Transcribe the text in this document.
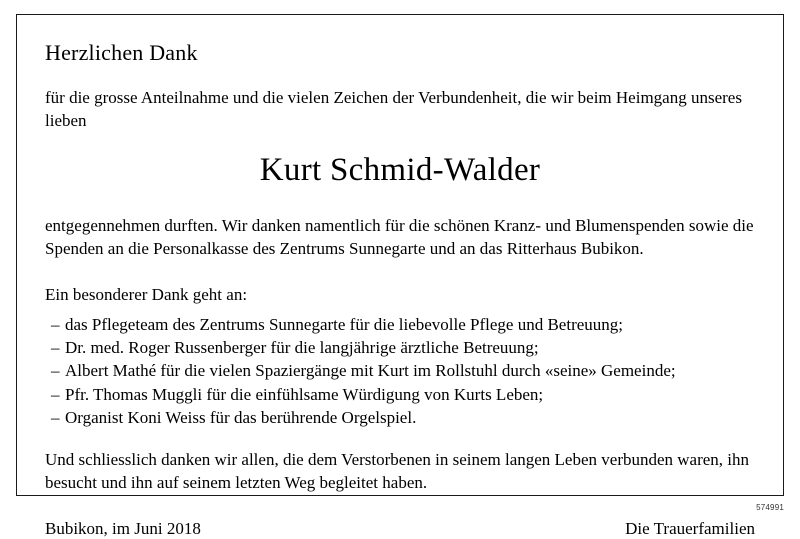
Herzlichen Dank

für die grosse Anteilnahme und die vielen Zeichen der Verbundenheit, die wir beim Heimgang unseres lieben

Kurt Schmid-Walder

entgegennehmen durften. Wir danken namentlich für die schönen Kranz- und Blumenspenden sowie die Spenden an die Personalkasse des Zentrums Sunnegarte und an das Ritterhaus Bubikon.

Ein besonderer Dank geht an:

– das Pflegeteam des Zentrums Sunnegarte für die liebevolle Pflege und Betreuung;
– Dr. med. Roger Russenberger für die langjährige ärztliche Betreuung;
– Albert Mathé für die vielen Spaziergänge mit Kurt im Rollstuhl durch «seine» Gemeinde;
– Pfr. Thomas Muggli für die einfühlsame Würdigung von Kurts Leben;
– Organist Koni Weiss für das berührende Orgelspiel.

Und schliesslich danken wir allen, die dem Verstorbenen in seinem langen Leben verbunden waren, ihn besucht und ihn auf seinem letzten Weg begleitet haben.

Bubikon, im Juni 2018	Die Trauerfamilien
574991
